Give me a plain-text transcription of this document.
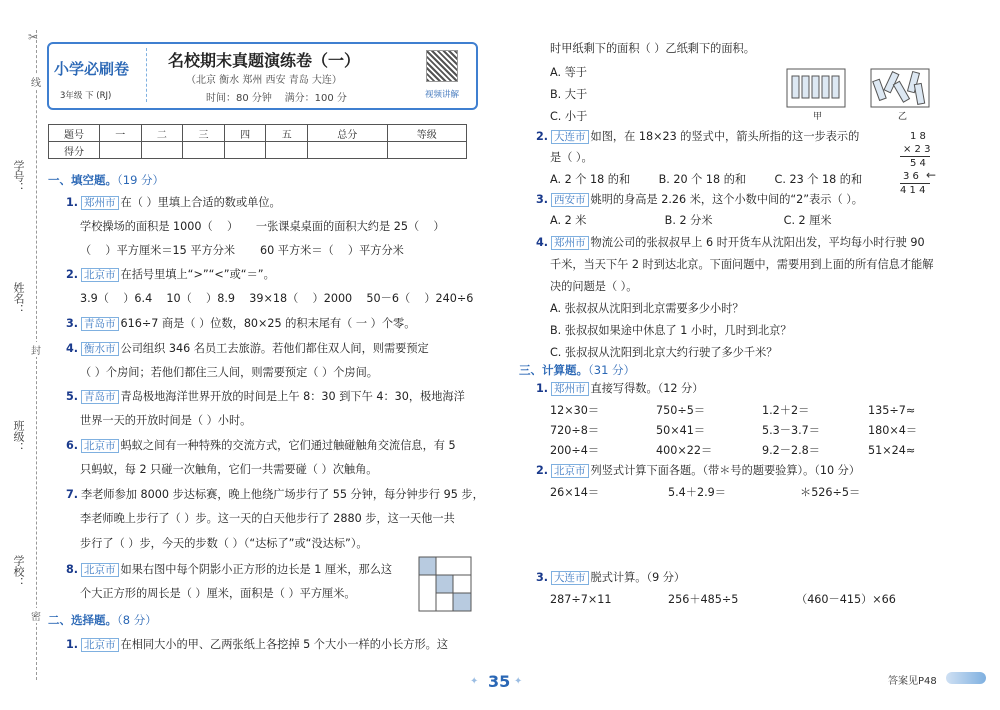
✂
学号：
姓名：
班级：
学校：
线
封
密
小学必刷卷
3年级 下 (RJ)
名校期末真题演练卷（一）
（北京 衡水 郑州 西安 青岛 大连）
时间：80 分钟    满分：100 分	视频讲解
题号	一	二	三	四	五	总分	等级
得分							
一、填空题。（19 分）
1. 郑州市 在（ ）里填上合适的数或单位。
学校操场的面积是 1000（    ）     一张课桌桌面的面积大约是 25（    ）
（    ）平方厘米＝15 平方分米       60 平方米＝（    ）平方分米
2. 北京市 在括号里填上“>”“<”或“＝”。
3.9（    ）6.4    10（    ）8.9    39×18（    ）2000    50－6（    ）240÷6
3. 青岛市 616÷7 商是（ ）位数，80×25 的积末尾有（ 一 ）个零。
4. 衡水市 公司组织 346 名员工去旅游。若他们都住双人间，则需要预定
（ ）个房间；若他们都住三人间，则需要预定（ ）个房间。
5. 青岛市 青岛极地海洋世界开放的时间是上午 8：30 到下午 4：30，极地海洋
世界一天的开放时间是（ ）小时。
6. 北京市 蚂蚁之间有一种特殊的交流方式，它们通过触碰触角交流信息，有 5
只蚂蚁，每 2 只碰一次触角，它们一共需要碰（ ）次触角。
7. 李老师参加 8000 步达标赛，晚上他绕广场步行了 55 分钟，每分钟步行 95 步，
李老师晚上步行了（ ）步。这一天的白天他步行了 2880 步，这一天他一共
步行了（ ）步，今天的步数（ ）（“达标了”或“没达标”）。
8. 北京市 如果右图中每个阴影小正方形的边长是 1 厘米，那么这
个大正方形的周长是（ ）厘米，面积是（ ）平方厘米。
二、选择题。（8 分）
1. 北京市 在相同大小的甲、乙两张纸上各挖掉 5 个大小一样的小长方形。这
时甲纸剩下的面积（ ）乙纸剩下的面积。
A. 等于
B. 大于
C. 小于	甲	乙
2. 大连市 如图，在 18×23 的竖式中，箭头所指的这一步表示的
是（ ）。
A. 2 个 18 的和        B. 20 个 18 的和        C. 23 个 18 的和
1 8
× 2 3
5 4
3 6 ←
4 1 4
3. 西安市 姚明的身高是 2.26 米，这个小数中间的“2”表示（ ）。
A. 2 米                      B. 2 分米                    C. 2 厘米
4. 郑州市 物流公司的张叔叔早上 6 时开货车从沈阳出发，平均每小时行驶 90
千米，当天下午 2 时到达北京。下面问题中，需要用到上面的所有信息才能解
决的问题是（ ）。
A. 张叔叔从沈阳到北京需要多少小时？
B. 张叔叔如果途中休息了 1 小时，几时到北京？
C. 张叔叔从沈阳到北京大约行驶了多少千米？
三、计算题。（31 分）
1. 郑州市 直接写得数。（12 分）
12×30＝	750÷5＝	1.2＋2＝	135÷7≈
720÷8＝	50×41＝	5.3－3.7＝	180×4＝
200÷4＝	400×22＝	9.2－2.8＝	51×24≈
2. 北京市 列竖式计算下面各题。（带＊号的题要验算）。（10 分）
26×14＝	5.4＋2.9＝	＊526÷5＝
3. 大连市 脱式计算。（9 分）
287÷7×11	256＋485÷5	（460－415）×66
35
✦	✦	答案见P48
